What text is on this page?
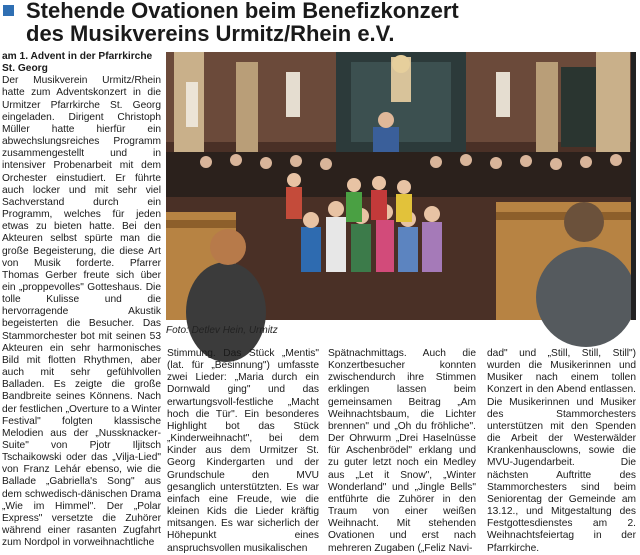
Stehende Ovationen beim Benefizkonzert
des Musikvereins Urmitz/Rhein e.V.

am 1. Advent in der Pfarrkirche St. Georg

Der Musikverein Urmitz/Rhein hatte zum Adventskonzert in die Urmitzer Pfarrkirche St. Georg eingeladen. Dirigent Christoph Müller hatte hierfür ein abwechslungsreiches Programm zusammengestellt und in intensiver Probenarbeit mit dem Orchester einstudiert. Er führte auch locker und mit sehr viel Sachverstand durch ein Programm, welches für jeden etwas zu bieten hatte. Bei den Akteuren selbst spürte man die große Begeisterung, die diese Art von Musik forderte. Pfarrer Thomas Gerber freute sich über ein „proppevolles" Gotteshaus. Die tolle Kulisse und die hervorragende Akustik begeisterten die Besucher. Das Stammorchester bot mit seinen 53 Akteuren ein sehr harmonisches Bild mit flotten Rhythmen, aber auch mit sehr gefühlvollen Balladen. Es zeigte die große Bandbreite seines Könnens. Nach der festlichen „Overture to a Winter Festival" folgten klassische Melodien aus der „Nussknacker-Suite" von Pjotr Iljitsch Tschaikowski oder das „Vilja-Lied" von Franz Lehár ebenso, wie die Ballade „Gabriella's Song" aus dem schwedisch-dänischen Drama „Wie im Himmel". Der „Polar Express" versetzte die Zuhörer während einer rasanten Zugfahrt zum Nordpol in vorweihnachtliche

Foto: Detlev Hein, Urmitz

Stimmung. Das Stück „Mentis" (lat. für „Besinnung") umfasste zwei Lieder: „Maria durch ein Dornwald ging" und das erwartungsvoll-festliche „Macht hoch die Tür". Ein besonderes Highlight bot das Stück „Kinderweihnacht", bei dem Kinder aus dem Urmitzer St. Georg Kindergarten und der Grundschule den MVU gesanglich unterstützten. Es war einfach eine Freude, wie die kleinen Kids die Lieder kräftig mitsangen. Es war sicherlich der Höhepunkt eines anspruchsvollen musikalischen

Spätnachmittags. Auch die Konzertbesucher konnten zwischendurch ihre Stimmen erklingen lassen beim gemeinsamen Beitrag „Am Weihnachtsbaum, die Lichter brennen" und „Oh du fröhliche". Der Ohrwurm „Drei Haselnüsse für Aschenbrödel" erklang und zu guter letzt noch ein Medley aus „Let it Snow", „Winter Wonderland" und „Jingle Bells" entführte die Zuhörer in den Traum von einer weißen Weihnacht. Mit stehenden Ovationen und erst nach mehreren Zugaben („Feliz Navi-

dad" und „Still, Still, Still") wurden die Musikerinnen und Musiker nach einem tollen Konzert in den Abend entlassen. Die Musikerinnen und Musiker des Stammorchesters unterstützen mit den Spenden die Arbeit der Westerwälder Krankenhausclowns, sowie die MVU-Jugendarbeit. Die nächsten Auftritte des Stammorchesters sind beim Seniorentag der Gemeinde am 13.12., und Mitgestaltung des Festgottesdienstes am 2. Weihnachtsfeiertag in der Pfarrkirche.
